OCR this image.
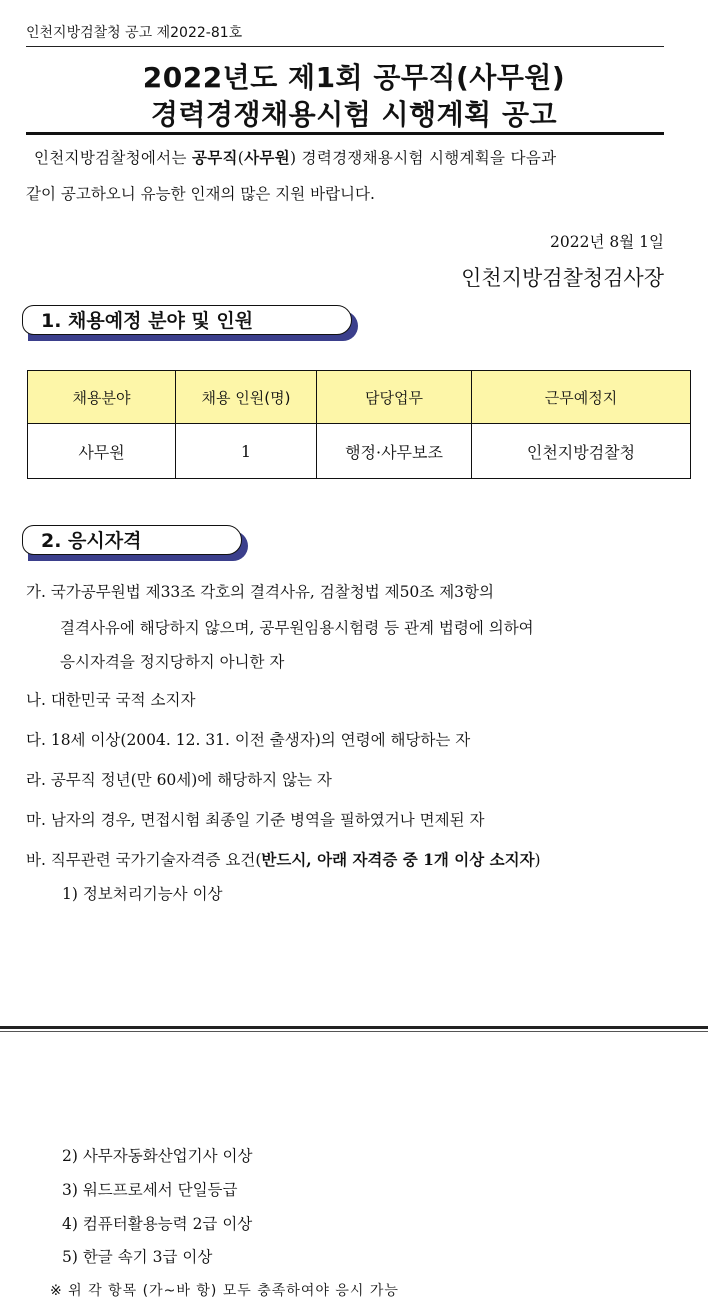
인천지방검찰청 공고 제2022-81호
2022년도 제1회 공무직(사무원)
경력경쟁채용시험 시행계획 공고
인천지방검찰청에서는 공무직(사무원) 경력경쟁채용시험 시행계획을 다음과
같이 공고하오니 유능한 인재의 많은 지원 바랍니다.
2022년 8월 1일
인천지방검찰청검사장
1. 채용예정 분야 및 인원
채용분야	채용 인원(명)	담당업무	근무예정지
사무원	1	행정·사무보조	인천지방검찰청
2. 응시자격
가. 국가공무원법 제33조 각호의 결격사유, 검찰청법 제50조 제3항의
결격사유에 해당하지 않으며, 공무원임용시험령 등 관계 법령에 의하여
응시자격을 정지당하지 아니한 자
나. 대한민국 국적 소지자
다. 18세 이상(2004. 12. 31. 이전 출생자)의 연령에 해당하는 자
라. 공무직 정년(만 60세)에 해당하지 않는 자
마. 남자의 경우, 면접시험 최종일 기준 병역을 필하였거나 면제된 자
바. 직무관련 국가기술자격증 요건(반드시, 아래 자격증 중 1개 이상 소지자)
1) 정보처리기능사 이상
2) 사무자동화산업기사 이상
3) 워드프로세서 단일등급
4) 컴퓨터활용능력 2급 이상
5) 한글 속기 3급 이상
※ 위 각 항목 (가~바 항) 모두 충족하여야 응시 가능
